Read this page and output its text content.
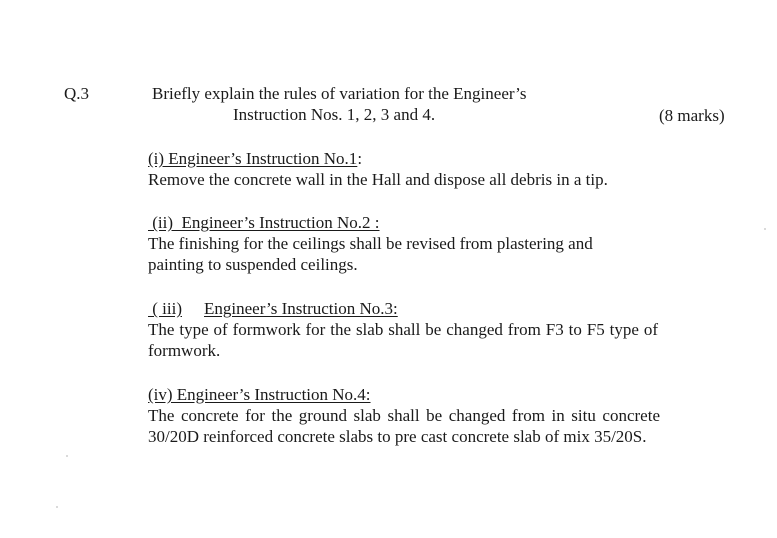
Q.3	Briefly explain the rules of variation for the Engineer’s
Instruction Nos. 1, 2, 3 and 4.	(8 marks)
(i) Engineer’s Instruction No.1:
Remove the concrete wall in the Hall and dispose all debris in a tip.
(ii)  Engineer’s Instruction No.2 :
The finishing for the ceilings shall be revised from plastering and painting to suspended ceilings.
( iii) Engineer’s Instruction No.3:
The type of formwork for the slab shall be changed from F3 to F5 type of formwork.
(iv) Engineer’s Instruction No.4:
The concrete for the ground slab shall be changed from in situ concrete 30/20D reinforced concrete slabs to pre cast concrete slab of mix 35/20S.
